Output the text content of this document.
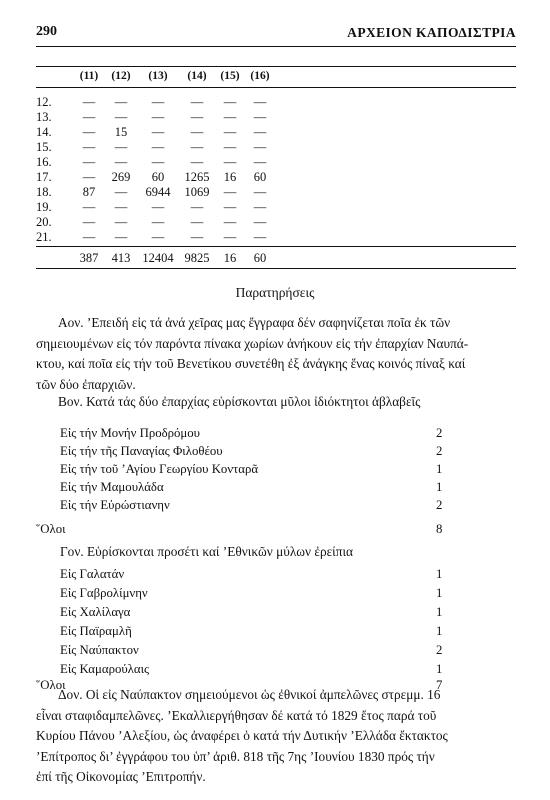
290	ΑΡΧΕΙΟΝ ΚΑΠΟΔΙΣΤΡΙΑ
(11)	(12)	(13)	(14)	(15) (16)
12.	—	—	—	—	—	—
13.	—	—	—	—	—	—
14.	—	15	—	—	—	—
15.	—	—	—	—	—	—
16.	—	—	—	—	—	—
17.	—	269	60	1265	16	60
18.	87	—	6944	1069	—	—
19.	—	—	—	—	—	—
20.	—	—	—	—	—	—
21.	—	—	—	—	—	—
387	413 12404 9825	16	60
Παρατηρήσεις
Αον. ’Επειδή εἰς τά ἀνά χεῖρας μας ἔγγραφα δέν σαφηνίζεται ποῖα ἐκ τῶν
σημειουμένων εἰς τόν παρόντα πίνακα χωρίων ἀνήκουν εἰς τήν ἐπαρχίαν Ναυπά-
κτου, καί ποῖα εἰς τήν τοῦ Βενετίκου συνετέθη ἐξ ἀνάγκης ἕνας κοινός πίναξ καί
τῶν δύο ἐπαρχιῶν.
Βον. Κατά τάς δύο ἐπαρχίας εὑρίσκονται μῦλοι ἰδιόκτητοι ἀβλαβεῖς
Εἰς τήν Μονήν Προδρόμου	2
Εἰς τήν τῆς Παναγίας Φιλοθέου	2
Εἰς τήν τοῦ ’Αγίου Γεωργίου Κονταρᾶ	1
Εἰς τήν Μαμουλάδα	1
Εἰς τήν Εὐρώστιανην	2
῞Ολοι	8
Γον. Εὑρίσκονται προσέτι καί ’Εθνικῶν μύλων ἐρείπια
Εἰς Γαλατάν	1
Εἰς Γαβρολίμνην	1
Εἰς Χαλίλαγα	1
Εἰς Παϊραμλῆ	1
Εἰς Ναύπακτον	2
Εἰς Καμαρούλαις	1
῞Ολοι	7
Δον. Οἱ εἰς Ναύπακτον σημειούμενοι ὡς ἐθνικοί ἀμπελῶνες στρεμμ. 16
εἶναι σταφιδαμπελῶνες. ’Εκαλλιεργήθησαν δέ κατά τό 1829 ἔτος παρά τοῦ
Κυρίου Πάνου ’Αλεξίου, ὡς ἀναφέρει ὁ κατά τήν Δυτικήν ’Ελλάδα ἔκτακτος
’Επίτροπος δι’ ἐγγράφου του ὑπ’ ἀριθ. 818 τῆς 7ης ’Ιουνίου 1830 πρός τήν
ἐπί τῆς Οἰκονομίας ’Επιτροπήν.
